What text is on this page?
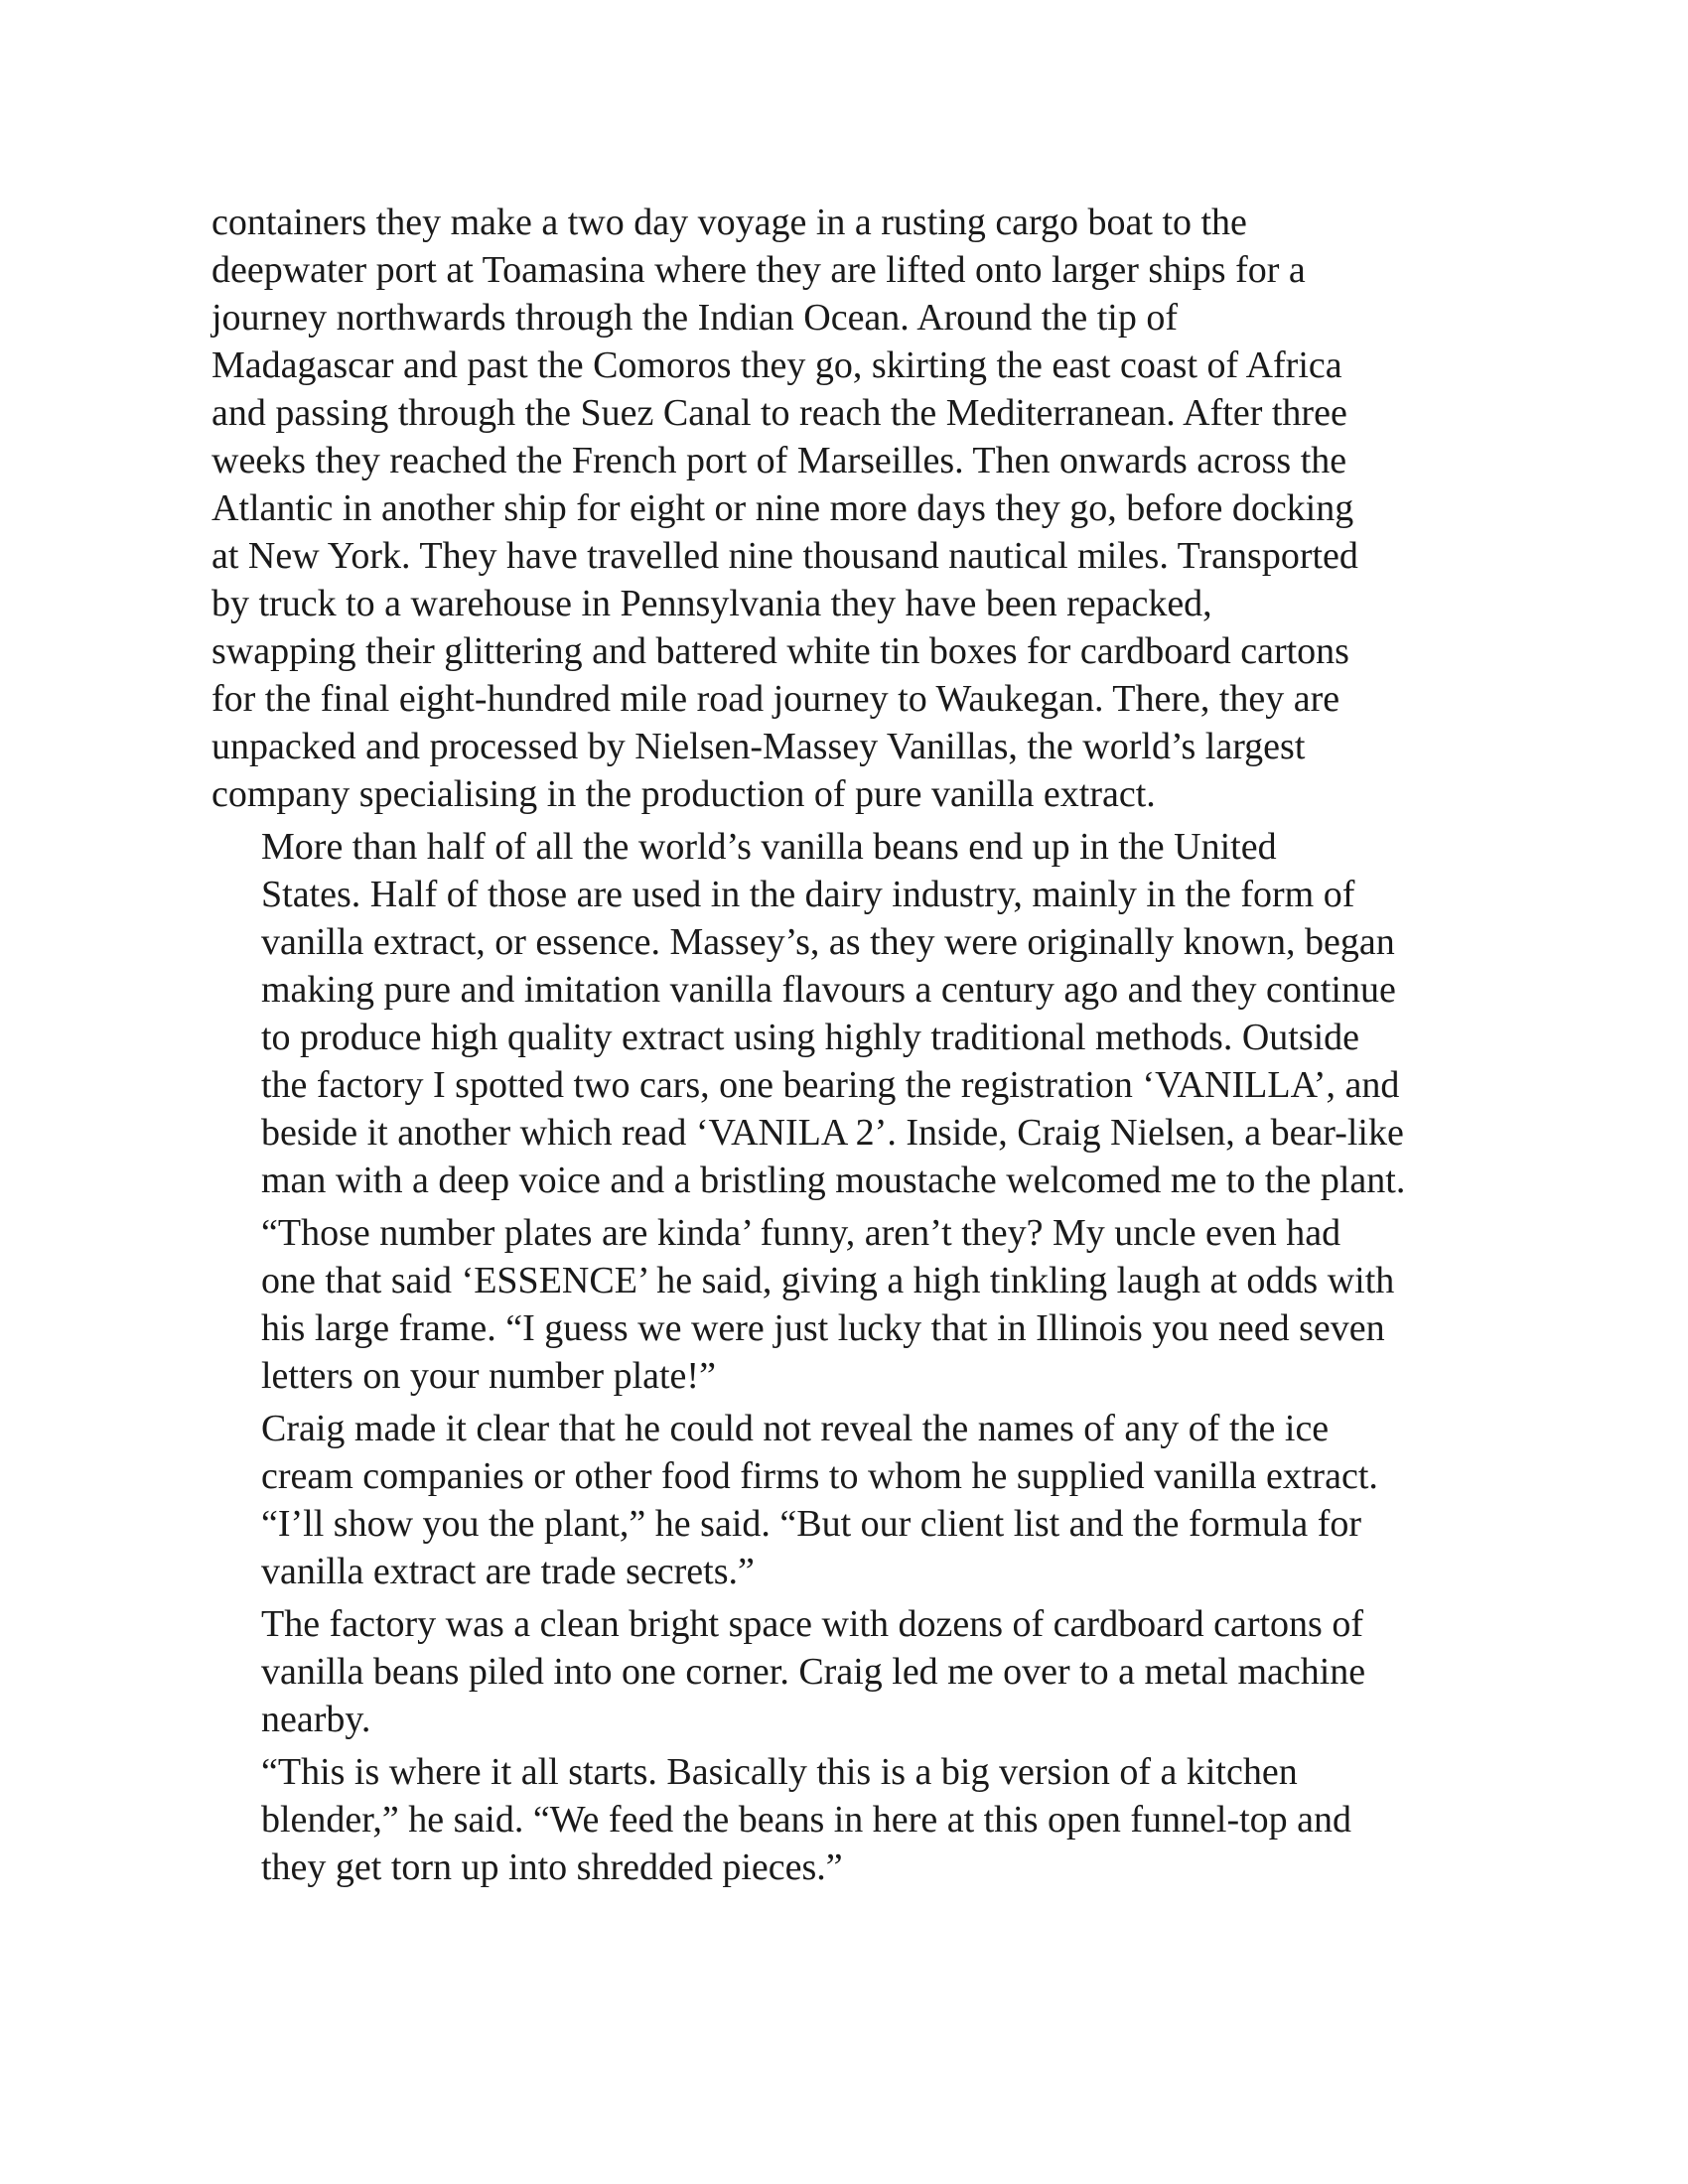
containers they make a two day voyage in a rusting cargo boat to the
deepwater port at Toamasina where they are lifted onto larger ships for a
journey northwards through the Indian Ocean. Around the tip of
Madagascar and past the Comoros they go, skirting the east coast of Africa
and passing through the Suez Canal to reach the Mediterranean. After three
weeks they reached the French port of Marseilles. Then onwards across the
Atlantic in another ship for eight or nine more days they go, before docking
at New York. They have travelled nine thousand nautical miles. Transported
by truck to a warehouse in Pennsylvania they have been repacked,
swapping their glittering and battered white tin boxes for cardboard cartons
for the final eight-hundred mile road journey to Waukegan. There, they are
unpacked and processed by Nielsen-Massey Vanillas, the world’s largest
company specialising in the production of pure vanilla extract.

More than half of all the world’s vanilla beans end up in the United
States. Half of those are used in the dairy industry, mainly in the form of
vanilla extract, or essence. Massey’s, as they were originally known, began
making pure and imitation vanilla flavours a century ago and they continue
to produce high quality extract using highly traditional methods. Outside
the factory I spotted two cars, one bearing the registration ‘VANILLA’, and
beside it another which read ‘VANILA 2’. Inside, Craig Nielsen, a bear-like
man with a deep voice and a bristling moustache welcomed me to the plant.

“Those number plates are kinda’ funny, aren’t they? My uncle even had
one that said ‘ESSENCE’ he said, giving a high tinkling laugh at odds with
his large frame. “I guess we were just lucky that in Illinois you need seven
letters on your number plate!”

Craig made it clear that he could not reveal the names of any of the ice
cream companies or other food firms to whom he supplied vanilla extract.
“I’ll show you the plant,” he said. “But our client list and the formula for
vanilla extract are trade secrets.”

The factory was a clean bright space with dozens of cardboard cartons of
vanilla beans piled into one corner. Craig led me over to a metal machine
nearby.

“This is where it all starts. Basically this is a big version of a kitchen
blender,” he said. “We feed the beans in here at this open funnel-top and
they get torn up into shredded pieces.”
